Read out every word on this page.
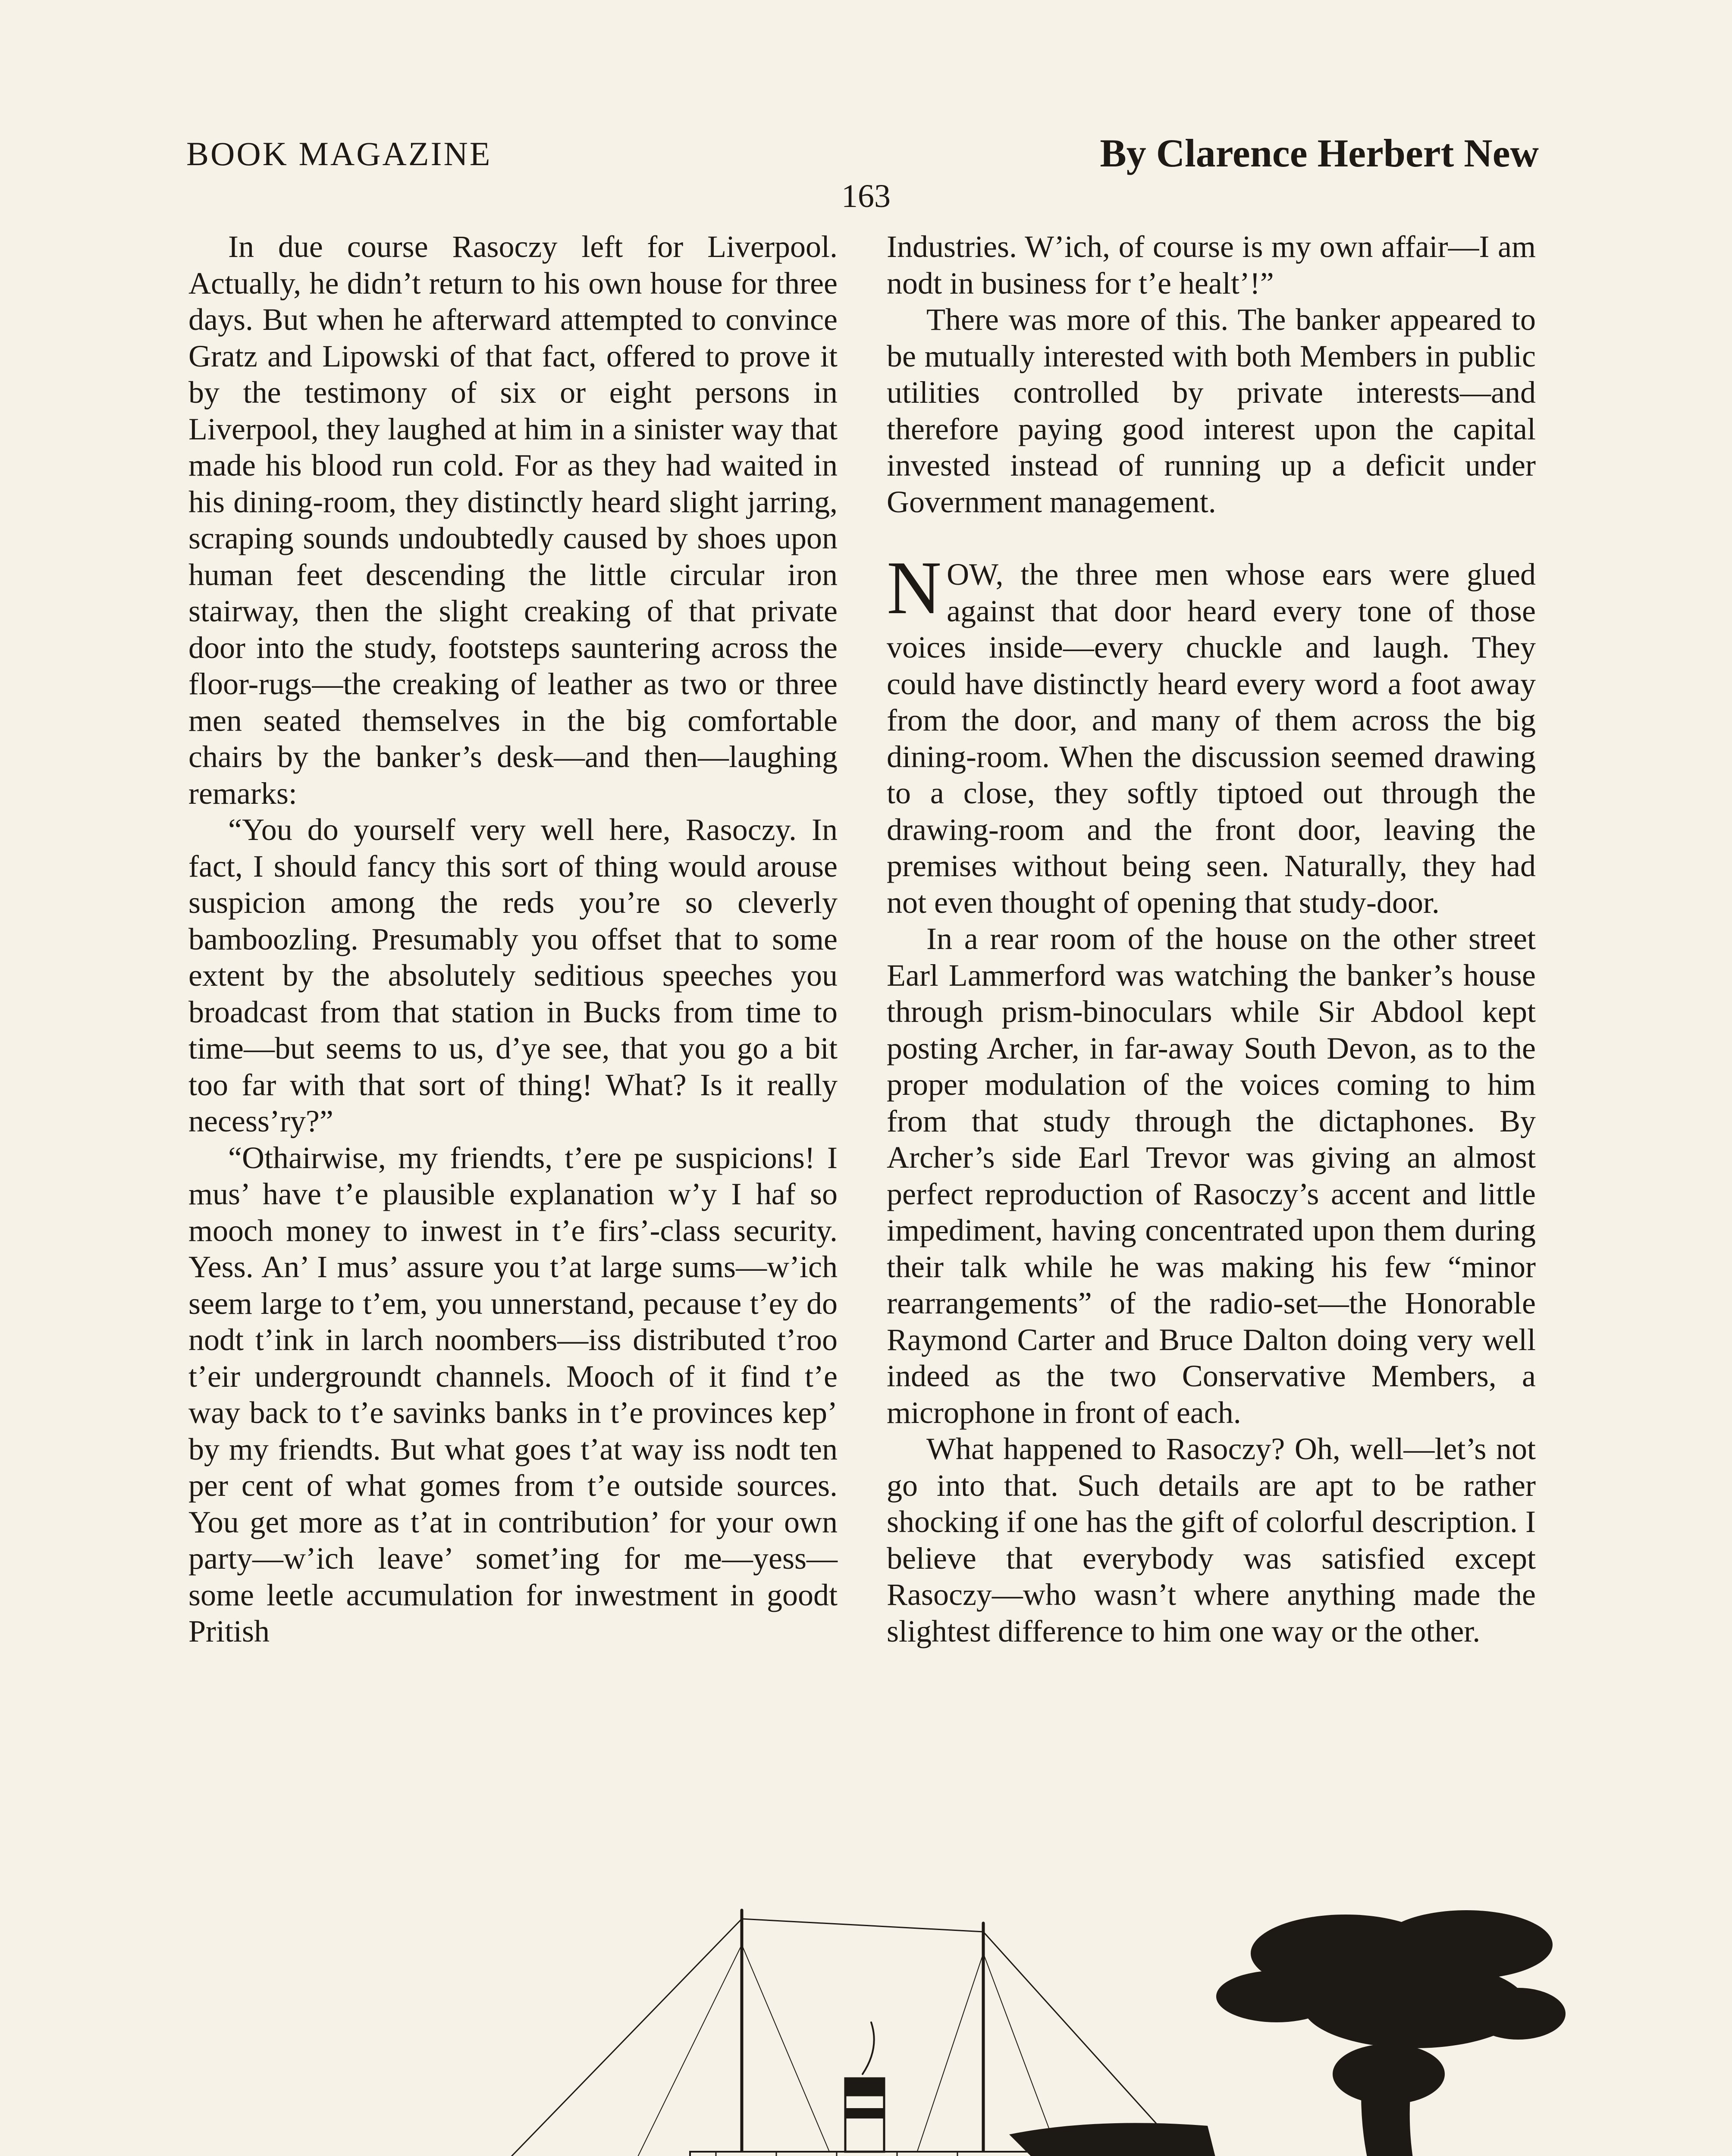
BOOK MAGAZINE	By Clarence Herbert New
163

In due course Rasoczy left for Liverpool. Actually, he didn’t return to his own house for three days. But when he afterward attempted to convince Gratz and Lipowski of that fact, offered to prove it by the testimony of six or eight persons in Liverpool, they laughed at him in a sinister way that made his blood run cold. For as they had waited in his dining-room, they distinctly heard slight jarring, scraping sounds undoubtedly caused by shoes upon human feet descending the little circular iron stairway, then the slight creaking of that private door into the study, footsteps sauntering across the floor-rugs—the creaking of leather as two or three men seated themselves in the big comfortable chairs by the banker’s desk—and then—laughing remarks:

“You do yourself very well here, Rasoczy. In fact, I should fancy this sort of thing would arouse suspicion among the reds you’re so cleverly bamboozling. Presumably you offset that to some extent by the absolutely seditious speeches you broadcast from that station in Bucks from time to time—but seems to us, d’ye see, that you go a bit too far with that sort of thing! What? Is it really necess’ry?”

“Othairwise, my friendts, t’ere pe suspicions! I mus’ have t’e plausible explanation w’y I haf so mooch money to inwest in t’e firs’-class security. Yess. An’ I mus’ assure you t’at large sums—w’ich seem large to t’em, you unnerstand, pecause t’ey do nodt t’ink in larch noombers—iss distributed t’roo t’eir undergroundt channels. Mooch of it find t’e way back to t’e savinks banks in t’e provinces kep’ by my friendts. But what goes t’at way iss nodt ten per cent of what gomes from t’e outside sources. You get more as t’at in contribution’ for your own party—w’ich leave’ somet’ing for me—yess—some leetle accumulation for inwestment in goodt Pritish

Industries. W’ich, of course is my own affair—I am nodt in business for t’e healt’!”

There was more of this. The banker appeared to be mutually interested with both Members in public utilities controlled by private interests—and therefore paying good interest upon the capital invested instead of running up a deficit under Government management.

NOW, the three men whose ears were glued against that door heard every tone of those voices inside—every chuckle and laugh. They could have distinctly heard every word a foot away from the door, and many of them across the big dining-room. When the discussion seemed drawing to a close, they softly tiptoed out through the drawing-room and the front door, leaving the premises without being seen. Naturally, they had not even thought of opening that study-door.

In a rear room of the house on the other street Earl Lammerford was watching the banker’s house through prism-binoculars while Sir Abdool kept posting Archer, in far-away South Devon, as to the proper modulation of the voices coming to him from that study through the dictaphones. By Archer’s side Earl Trevor was giving an almost perfect reproduction of Rasoczy’s accent and little impediment, having concentrated upon them during their talk while he was making his few “minor rearrangements” of the radio-set—the Honorable Raymond Carter and Bruce Dalton doing very well indeed as the two Conservative Members, a microphone in front of each.

What happened to Rasoczy? Oh, well—let’s not go into that. Such details are apt to be rather shocking if one has the gift of colorful description. I believe that everybody was satisfied except Rasoczy—who wasn’t where anything made the slightest difference to him one way or the other.
